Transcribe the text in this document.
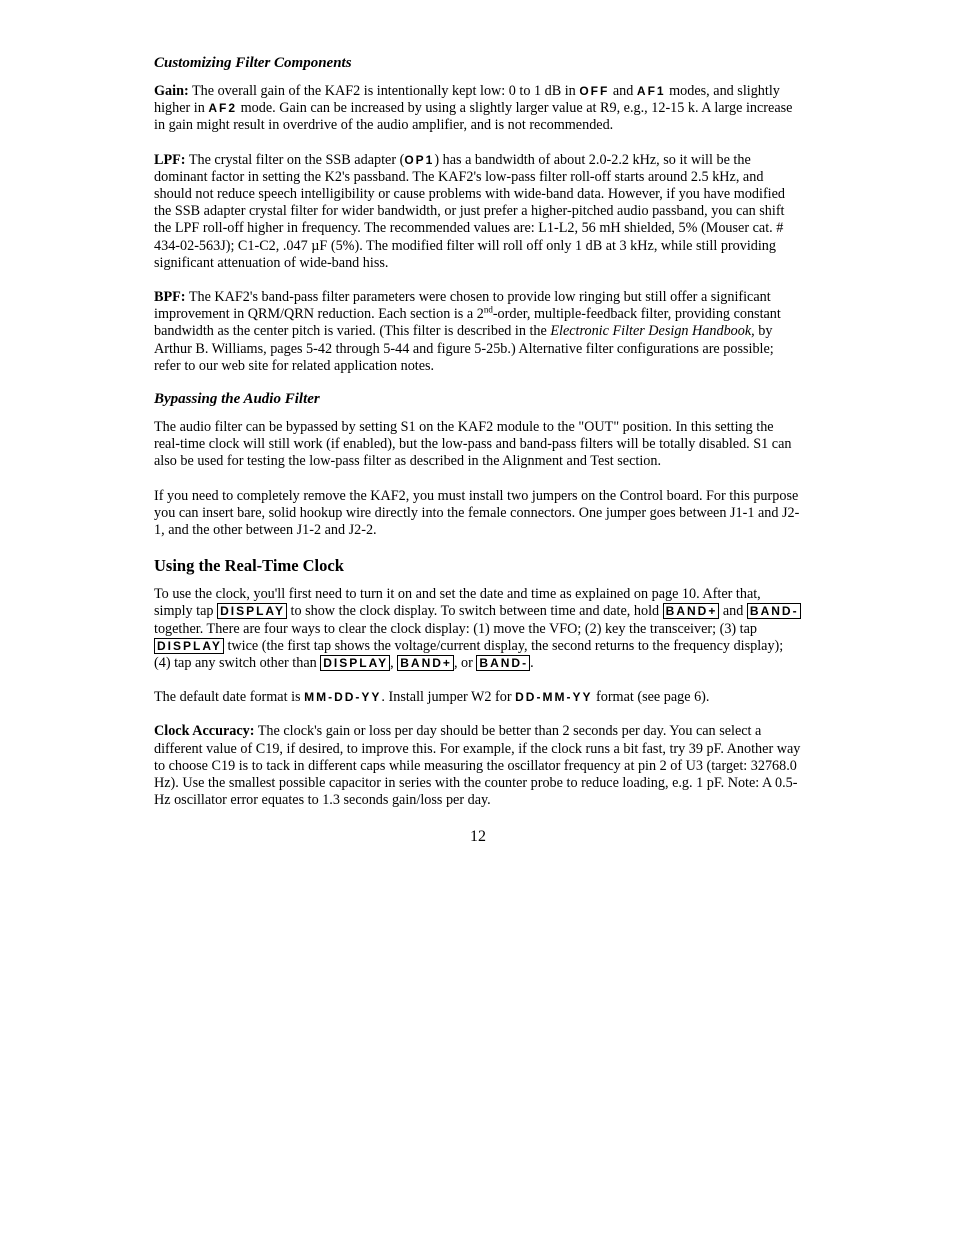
Customizing Filter Components

Gain: The overall gain of the KAF2 is intentionally kept low: 0 to 1 dB in OFF and AF1 modes, and slightly higher in AF2 mode. Gain can be increased by using a slightly larger value at R9, e.g., 12-15 k. A large increase in gain might result in overdrive of the audio amplifier, and is not recommended.

LPF: The crystal filter on the SSB adapter (OP1) has a bandwidth of about 2.0-2.2 kHz, so it will be the dominant factor in setting the K2's passband. The KAF2's low-pass filter roll-off starts around 2.5 kHz, and should not reduce speech intelligibility or cause problems with wide-band data. However, if you have modified the SSB adapter crystal filter for wider bandwidth, or just prefer a higher-pitched audio passband, you can shift the LPF roll-off higher in frequency. The recommended values are: L1-L2, 56 mH shielded, 5% (Mouser cat. # 434-02-563J); C1-C2, .047 µF (5%). The modified filter will roll off only 1 dB at 3 kHz, while still providing significant attenuation of wide-band hiss.

BPF: The KAF2's band-pass filter parameters were chosen to provide low ringing but still offer a significant improvement in QRM/QRN reduction. Each section is a 2nd-order, multiple-feedback filter, providing constant bandwidth as the center pitch is varied. (This filter is described in the Electronic Filter Design Handbook, by Arthur B. Williams, pages 5-42 through 5-44 and figure 5-25b.) Alternative filter configurations are possible; refer to our web site for related application notes.

Bypassing the Audio Filter

The audio filter can be bypassed by setting S1 on the KAF2 module to the "OUT" position. In this setting the real-time clock will still work (if enabled), but the low-pass and band-pass filters will be totally disabled. S1 can also be used for testing the low-pass filter as described in the Alignment and Test section.

If you need to completely remove the KAF2, you must install two jumpers on the Control board. For this purpose you can insert bare, solid hookup wire directly into the female connectors. One jumper goes between J1-1 and J2-1, and the other between J1-2 and J2-2.

Using the Real-Time Clock

To use the clock, you'll first need to turn it on and set the date and time as explained on page 10. After that, simply tap DISPLAY to show the clock display. To switch between time and date, hold BAND+ and BAND- together. There are four ways to clear the clock display: (1) move the VFO; (2) key the transceiver; (3) tap DISPLAY twice (the first tap shows the voltage/current display, the second returns to the frequency display); (4) tap any switch other than DISPLAY , BAND+ , or BAND- .

The default date format is MM-DD-YY. Install jumper W2 for DD-MM-YY format (see page 6).

Clock Accuracy: The clock's gain or loss per day should be better than 2 seconds per day. You can select a different value of C19, if desired, to improve this. For example, if the clock runs a bit fast, try 39 pF. Another way to choose C19 is to tack in different caps while measuring the oscillator frequency at pin 2 of U3 (target: 32768.0 Hz). Use the smallest possible capacitor in series with the counter probe to reduce loading, e.g. 1 pF. Note: A 0.5-Hz oscillator error equates to 1.3 seconds gain/loss per day.

12
